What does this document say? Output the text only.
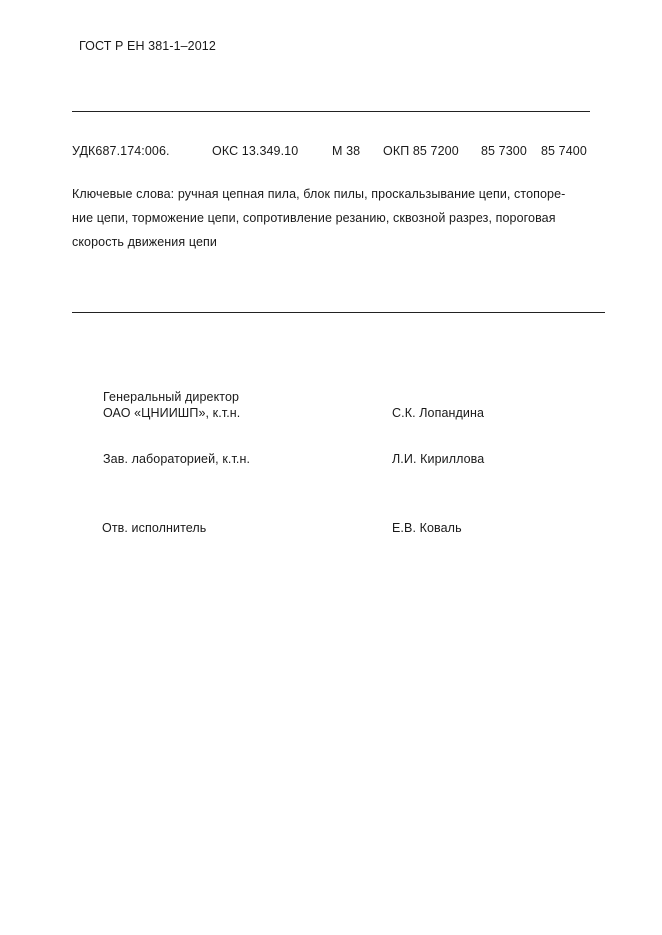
ГОСТ Р ЕН 381-1–2012
УДК687.174:006.	ОКС 13.349.10	М 38 ОКП 85 7200 85 7300 85 7400
Ключевые слова: ручная цепная пила, блок пилы, проскальзывание цепи, стопоре-
ние цепи, торможение цепи, сопротивление резанию, сквозной разрез, пороговая
скорость движения цепи
Генеральный директор
ОАО «ЦНИИШП», к.т.н.	С.К. Лопандина
Зав. лабораторией, к.т.н.	Л.И. Кириллова
Отв. исполнитель	Е.В. Коваль
